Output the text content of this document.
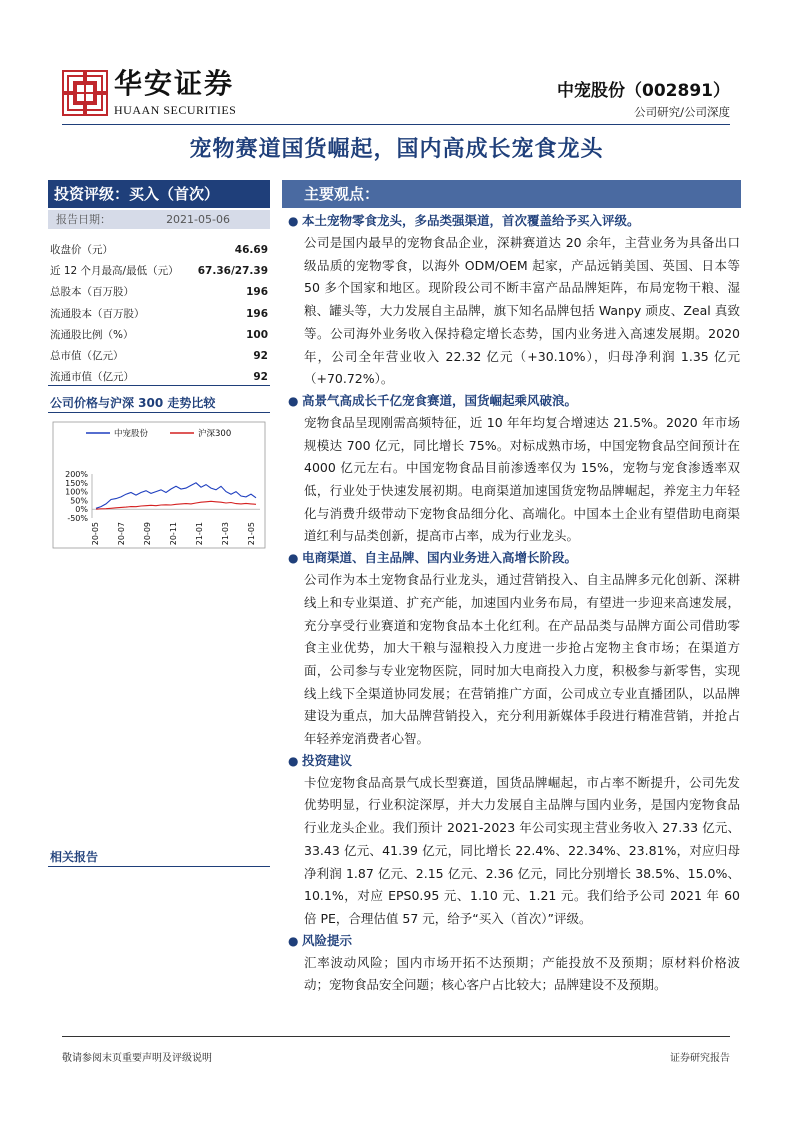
华安证券
HUAAN SECURITIES
中宠股份（002891）
公司研究/公司深度
宠物赛道国货崛起，国内高成长宠食龙头
投资评级：买入（首次）
报告日期：	2021-05-06
收盘价（元）	46.69
近 12 个月最高/最低（元） 67.36/27.39
总股本（百万股）	196
流通股本（百万股）	196
流通股比例（%）	100
总市值（亿元）	92
流通市值（亿元）	92
公司价格与沪深 300 走势比较
中宠股份	沪深300
200%
150%
100%
50%
0%
-50%
20-05 20-07 20-09 20-11 21-01 21-03 21-05
相关报告
主要观点：
● 本土宠物零食龙头，多品类强渠道，首次覆盖给予买入评级。
公司是国内最早的宠物食品企业，深耕赛道达 20 余年，主营业务为具备出口级品质的宠物零食，以海外 ODM/OEM 起家，产品远销美国、英国、日本等 50 多个国家和地区。现阶段公司不断丰富产品品牌矩阵，布局宠物干粮、湿粮、罐头等，大力发展自主品牌，旗下知名品牌包括 Wanpy 顽皮、Zeal 真致等。公司海外业务收入保持稳定增长态势，国内业务进入高速发展期。2020 年，公司全年营业收入 22.32 亿元（+30.10%），归母净利润 1.35 亿元（+70.72%）。
● 高景气高成长千亿宠食赛道，国货崛起乘风破浪。
宠物食品呈现刚需高频特征，近 10 年年均复合增速达 21.5%。2020 年市场规模达 700 亿元，同比增长 75%。对标成熟市场，中国宠物食品空间预计在 4000 亿元左右。中国宠物食品目前渗透率仅为 15%，宠物与宠食渗透率双低，行业处于快速发展初期。电商渠道加速国货宠物品牌崛起，养宠主力年轻化与消费升级带动下宠物食品细分化、高端化。中国本土企业有望借助电商渠道红利与品类创新，提高市占率，成为行业龙头。
● 电商渠道、自主品牌、国内业务进入高增长阶段。
公司作为本土宠物食品行业龙头，通过营销投入、自主品牌多元化创新、深耕线上和专业渠道、扩充产能，加速国内业务布局，有望进一步迎来高速发展，充分享受行业赛道和宠物食品本土化红利。在产品品类与品牌方面公司借助零食主业优势，加大干粮与湿粮投入力度进一步抢占宠物主食市场；在渠道方面，公司参与专业宠物医院，同时加大电商投入力度，积极参与新零售，实现线上线下全渠道协同发展；在营销推广方面，公司成立专业直播团队，以品牌建设为重点，加大品牌营销投入，充分利用新媒体手段进行精准营销，并抢占年轻养宠消费者心智。
● 投资建议
卡位宠物食品高景气成长型赛道，国货品牌崛起，市占率不断提升，公司先发优势明显，行业积淀深厚，并大力发展自主品牌与国内业务，是国内宠物食品行业龙头企业。我们预计 2021-2023 年公司实现主营业务收入 27.33 亿元、33.43 亿元、41.39 亿元，同比增长 22.4%、22.34%、23.81%，对应归母净利润 1.87 亿元、2.15 亿元、2.36 亿元，同比分别增长 38.5%、15.0%、10.1%，对应 EPS0.95 元、1.10 元、1.21 元。我们给予公司 2021 年 60 倍 PE，合理估值 57 元，给予“买入（首次）”评级。
● 风险提示
汇率波动风险；国内市场开拓不达预期；产能投放不及预期；原材料价格波动；宠物食品安全问题；核心客户占比较大；品牌建设不及预期。
敬请参阅末页重要声明及评级说明	证券研究报告
